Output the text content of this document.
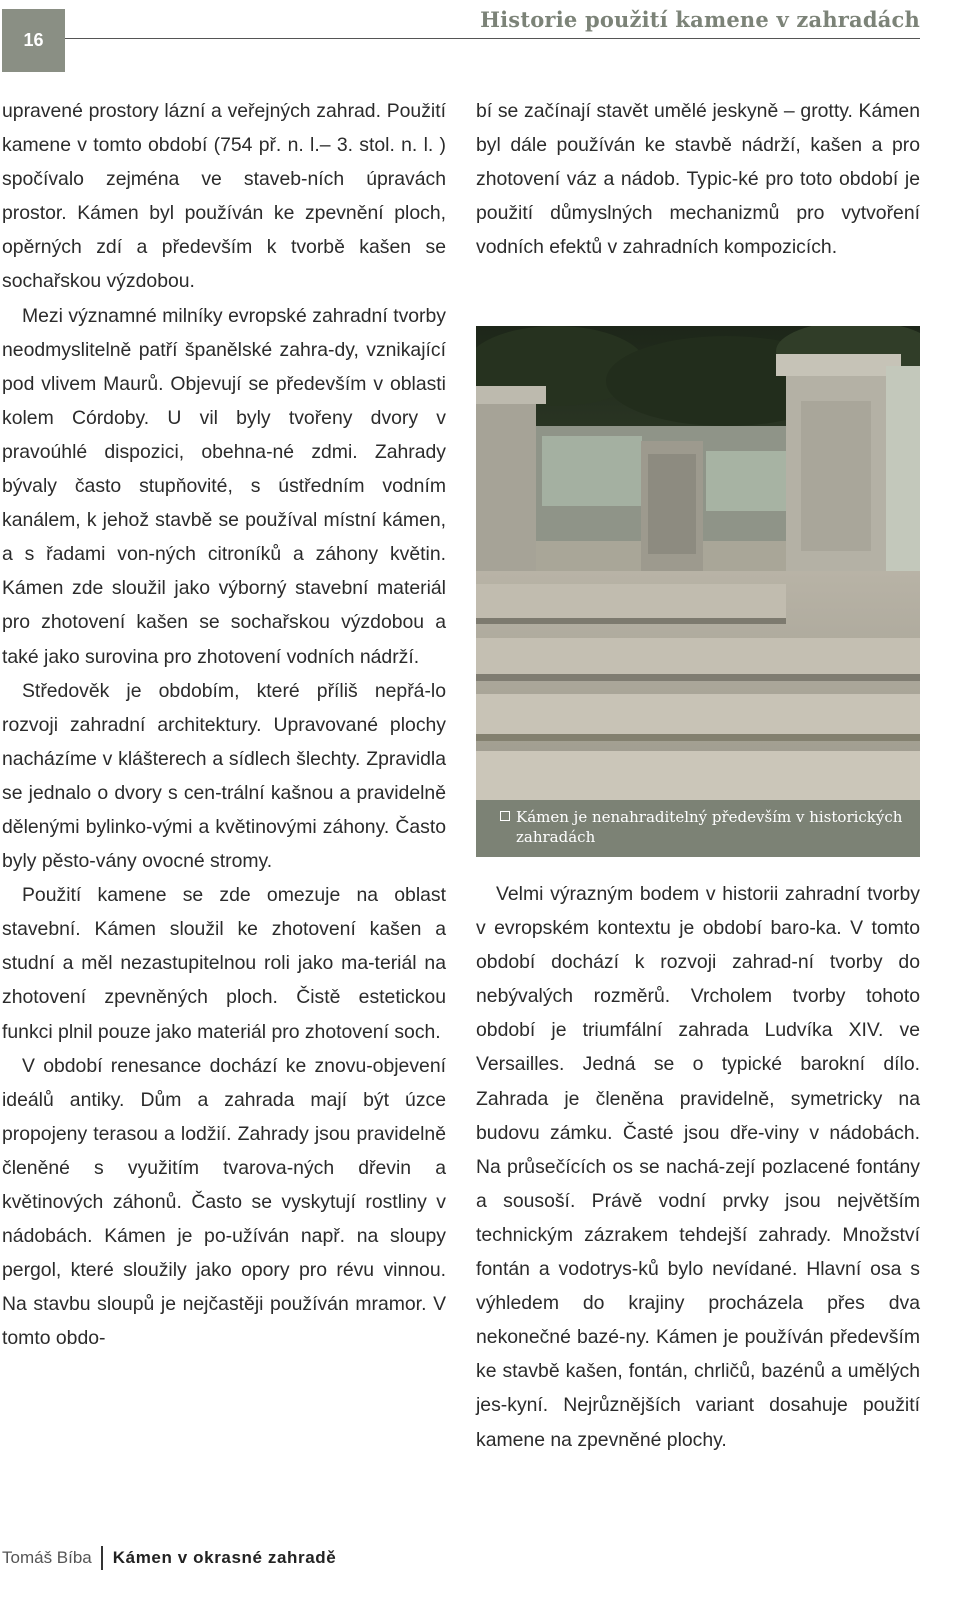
16
Historie použití kamene v zahradách

upravené prostory lázní a veřejných zahrad. Použití kamene v tomto období (754 př. n. l.– 3. stol. n. l. ) spočívalo zejména ve staveb-ních úpravách prostor. Kámen byl používán ke zpevnění ploch, opěrných zdí a především k tvorbě kašen se sochařskou výzdobou.

Mezi významné milníky evropské zahradní tvorby neodmyslitelně patří španělské zahra-dy, vznikající pod vlivem Maurů. Objevují se především v oblasti kolem Córdoby. U vil byly tvořeny dvory v pravoúhlé dispozici, obehna-né zdmi. Zahrady bývaly často stupňovité, s ústředním vodním kanálem, k jehož stavbě se používal místní kámen, a s řadami von-ných citroníků a záhony květin. Kámen zde sloužil jako výborný stavební materiál pro zhotovení kašen se sochařskou výzdobou a také jako surovina pro zhotovení vodních nádrží.

Středověk je obdobím, které příliš nepřá-lo rozvoji zahradní architektury. Upravované plochy nacházíme v klášterech a sídlech šlechty. Zpravidla se jednalo o dvory s cen-trální kašnou a pravidelně dělenými bylinko-vými a květinovými záhony. Často byly pěsto-vány ovocné stromy.

Použití kamene se zde omezuje na oblast stavební. Kámen sloužil ke zhotovení kašen a studní a měl nezastupitelnou roli jako ma-teriál na zhotovení zpevněných ploch. Čistě estetickou funkci plnil pouze jako materiál pro zhotovení soch.

V období renesance dochází ke znovu-objevení ideálů antiky. Dům a zahrada mají být úzce propojeny terasou a lodžií. Zahrady jsou pravidelně členěné s využitím tvarova-ných dřevin a květinových záhonů. Často se vyskytují rostliny v nádobách. Kámen je po-užíván např. na sloupy pergol, které sloužily jako opory pro révu vinnou. Na stavbu sloupů je nejčastěji používán mramor. V tomto obdo-

bí se začínají stavět umělé jeskyně – grotty. Kámen byl dále používán ke stavbě nádrží, kašen a pro zhotovení váz a nádob. Typic-ké pro toto období je použití důmyslných mechanizmů pro vytvoření vodních efektů v zahradních kompozicích.

Kámen je nenahraditelný především v historických zahradách

Velmi výrazným bodem v historii zahradní tvorby v evropském kontextu je období baro-ka. V tomto období dochází k rozvoji zahrad-ní tvorby do nebývalých rozměrů. Vrcholem tvorby tohoto období je triumfální zahrada Ludvíka XIV. ve Versailles. Jedná se o typické barokní dílo. Zahrada je členěna pravidelně, symetricky na budovu zámku. Časté jsou dře-viny v nádobách. Na průsečících os se nachá-zejí pozlacené fontány a sousoší. Právě vodní prvky jsou největším technickým zázrakem tehdejší zahrady. Množství fontán a vodotrys-ků bylo nevídané. Hlavní osa s výhledem do krajiny procházela přes dva nekonečné bazé-ny. Kámen je používán především ke stavbě kašen, fontán, chrličů, bazénů a umělých jes-kyní. Nejrůznějších variant dosahuje použití kamene na zpevněné plochy.

Tomáš Bíba Kámen v okrasné zahradě
